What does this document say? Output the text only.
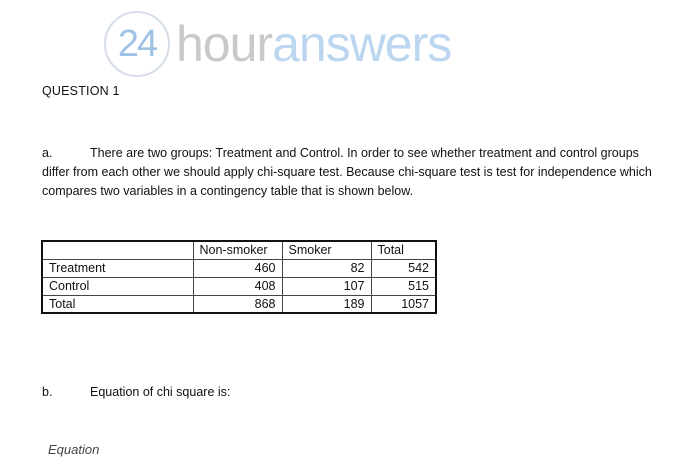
24 houranswers
QUESTION 1
a.	There are two groups: Treatment and Control. In order to see whether treatment and control groups differ from each other we should apply chi-square test. Because chi-square test is test for independence which compares two variables in a contingency table that is shown below.
	Non-smoker	Smoker	Total
Treatment	460	82	542
Control	408	107	515
Total	868	189	1057
b.	Equation of chi square is:
Equation
